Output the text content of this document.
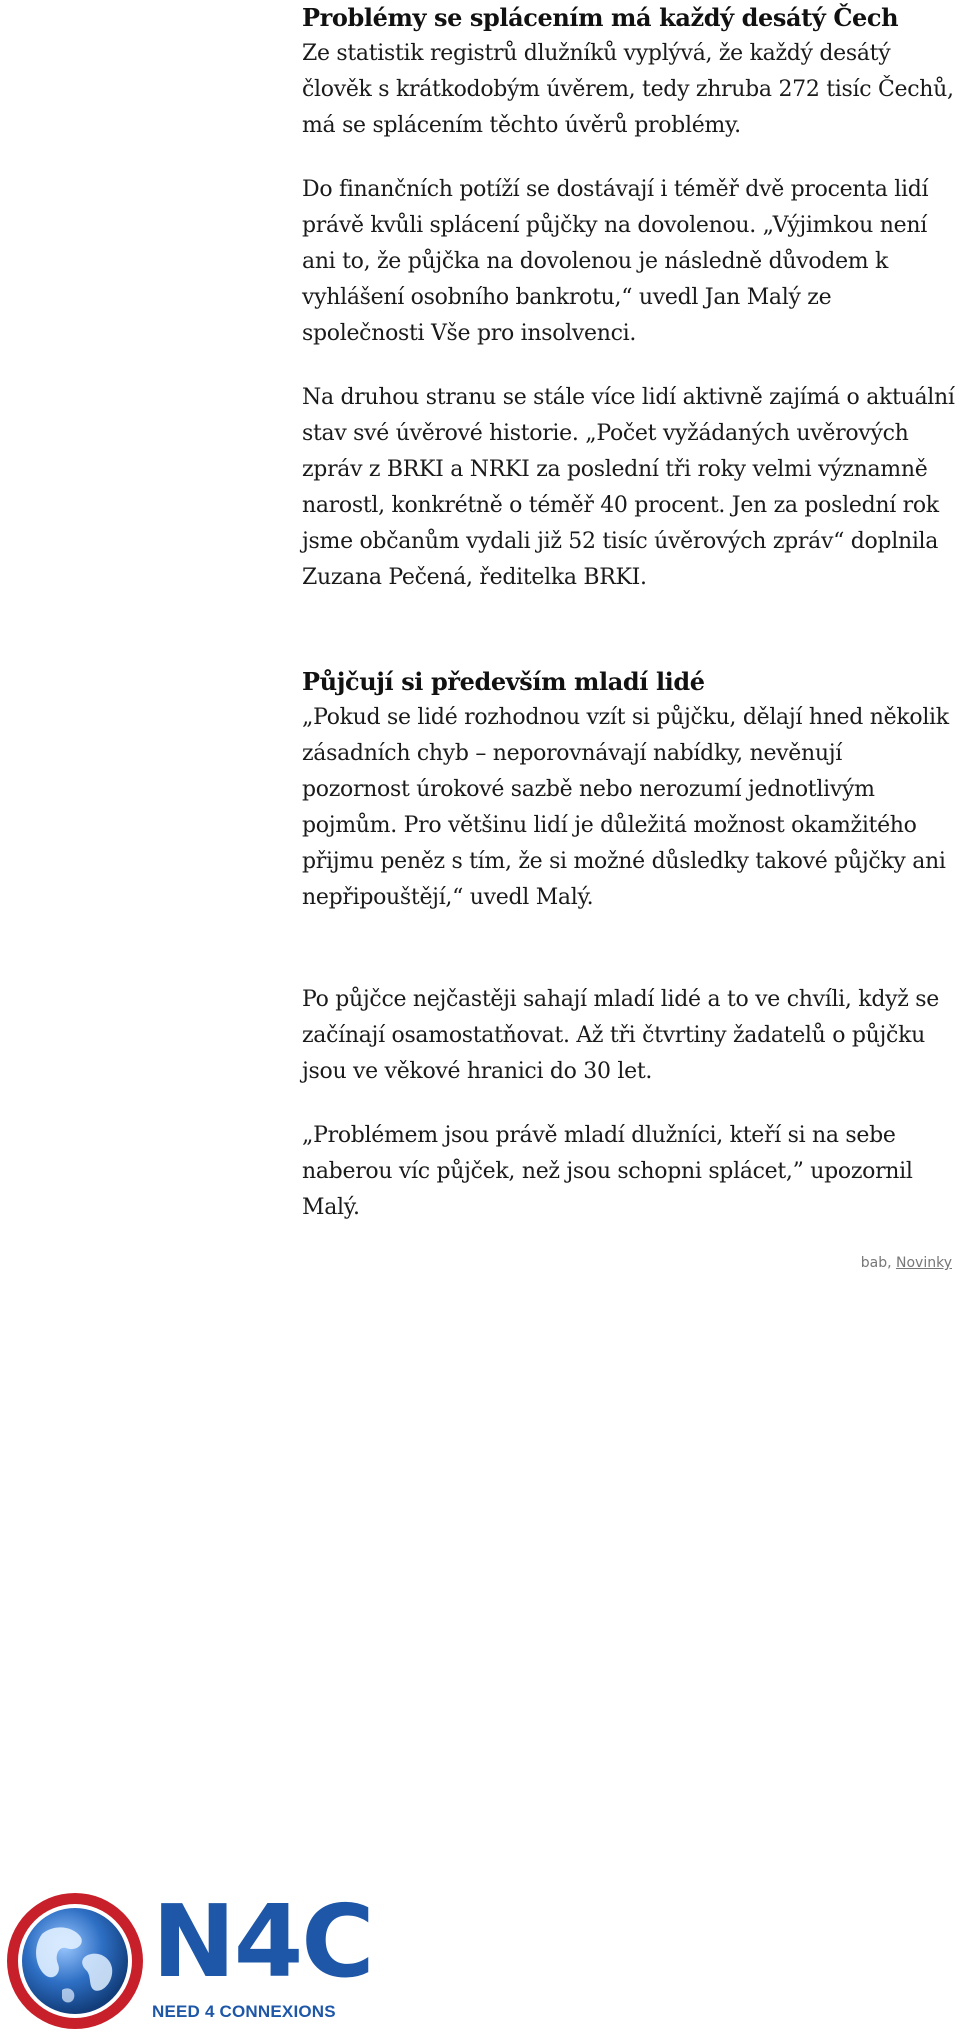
Problémy se splácením má každý desátý Čech

Ze statistik registrů dlužníků vyplývá, že každý desátý člověk s krátkodobým úvěrem, tedy zhruba 272 tisíc Čechů, má se splácením těchto úvěrů problémy.

Do finančních potíží se dostávají i téměř dvě procenta lidí právě kvůli splácení půjčky na dovolenou. „Výjimkou není ani to, že půjčka na dovolenou je následně důvodem k vyhlášení osobního bankrotu,“ uvedl Jan Malý ze společnosti Vše pro insolvenci.

Na druhou stranu se stále více lidí aktivně zajímá o aktuální stav své úvěrové historie. „Počet vyžádaných uvěrových zpráv z BRKI a NRKI za poslední tři roky velmi významně narostl, konkrétně o téměř 40 procent. Jen za poslední rok jsme občanům vydali již 52 tisíc úvěrových zpráv“ doplnila Zuzana Pečená, ředitelka BRKI.

Půjčují si především mladí lidé

„Pokud se lidé rozhodnou vzít si půjčku, dělají hned několik zásadních chyb – neporovnávají nabídky, nevěnují pozornost úrokové sazbě nebo nerozumí jednotlivým pojmům. Pro většinu lidí je důležitá možnost okamžitého přijmu peněz s tím, že si možné důsledky takové půjčky ani nepřipouštějí,“ uvedl Malý.

Po půjčce nejčastěji sahají mladí lidé a to ve chvíli, když se začínají osamostatňovat. Až tři čtvrtiny žadatelů o půjčku jsou ve věkové hranici do 30 let.

„Problémem jsou právě mladí dlužníci, kteří si na sebe naberou víc půjček, než jsou schopni splácet,” upozornil Malý.

bab, Novinky
N4C
NEED 4 CONNEXIONS
